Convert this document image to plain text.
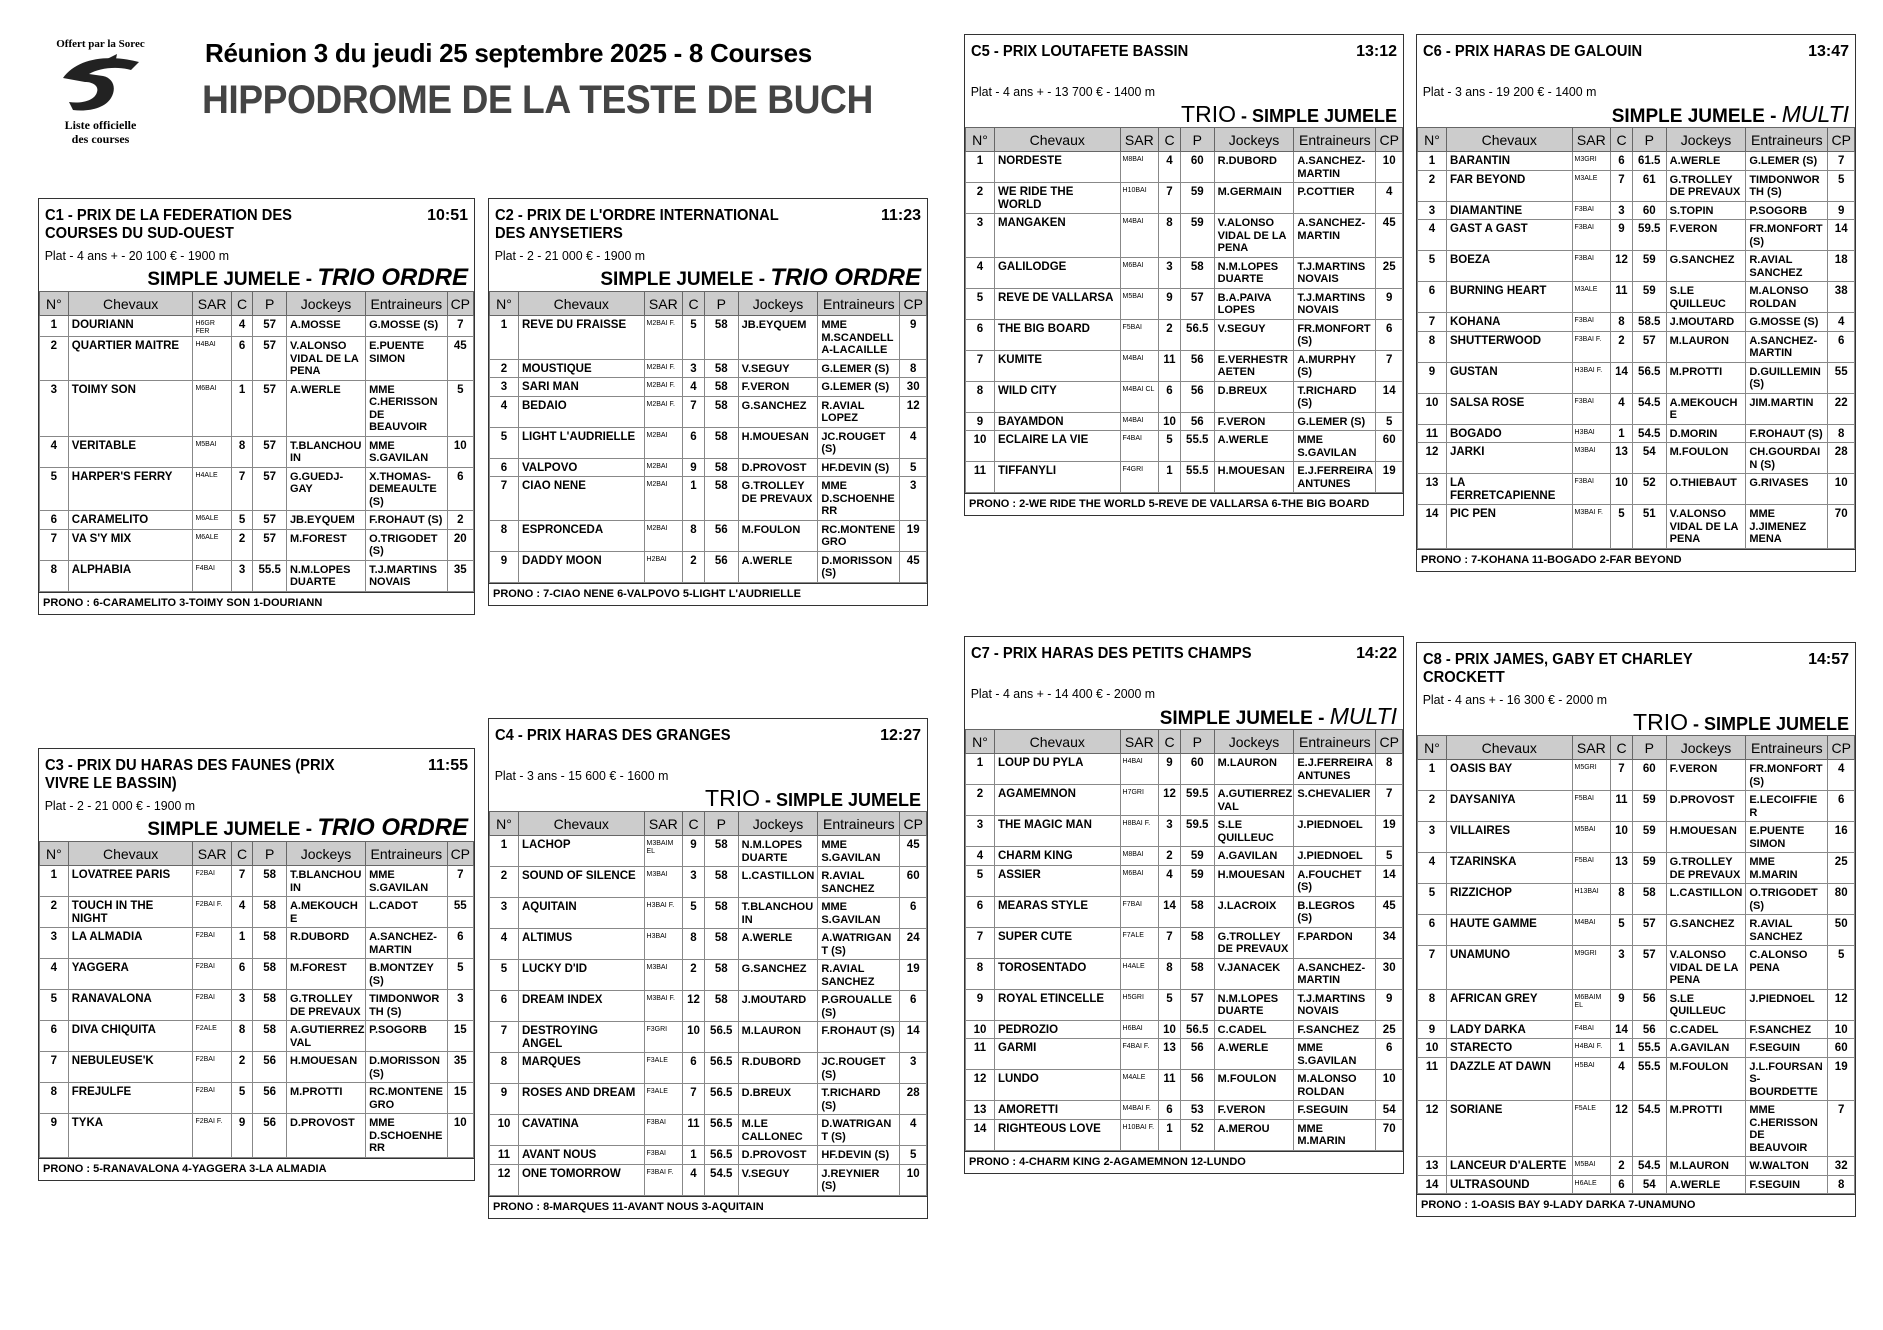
Offert par la Sorec
Liste officielle
des courses
Réunion 3 du jeudi 25 septembre 2025 - 8 Courses
HIPPODROME DE LA TESTE DE BUCH
C1 - PRIX DE LA FEDERATION DES COURSES DU SUD-OUEST
10:51
Plat - 4 ans + - 20 100 € - 1900 m
SIMPLE JUMELE - TRIO ORDRE
N°	Chevaux	SAR	C	P	Jockeys	Entraineurs	CP
1	DOURIANN	H6GR FER	4	57	A.MOSSE	G.MOSSE (S)	7
2	QUARTIER MAITRE	H4BAI	6	57	V.ALONSO VIDAL DE LA PENA	E.PUENTE SIMON	45
3	TOIMY SON	M6BAI	1	57	A.WERLE	MME C.HERISSON DE BEAUVOIR	5
4	VERITABLE	M5BAI	8	57	T.BLANCHOU IN	MME S.GAVILAN	10
5	HARPER'S FERRY	H4ALE	7	57	G.GUEDJ-GAY	X.THOMAS-DEMEAULTE (S)	6
6	CARAMELITO	M6ALE	5	57	JB.EYQUEM	F.ROHAUT (S)	2
7	VA S'Y MIX	M6ALE	2	57	M.FOREST	O.TRIGODET (S)	20
8	ALPHABIA	F4BAI	3	55.5	N.M.LOPES DUARTE	T.J.MARTINS NOVAIS	35
PRONO : 6-CARAMELITO 3-TOIMY SON 1-DOURIANN
C2 - PRIX DE L'ORDRE INTERNATIONAL DES ANYSETIERS
11:23
Plat - 2 - 21 000 € - 1900 m
SIMPLE JUMELE - TRIO ORDRE
N°	Chevaux	SAR	C	P	Jockeys	Entraineurs	CP
1	REVE DU FRAISSE	M2BAI F.	5	58	JB.EYQUEM	MME M.SCANDELL A-LACAILLE	9
2	MOUSTIQUE	M2BAI F.	3	58	V.SEGUY	G.LEMER (S)	8
3	SARI MAN	M2BAI F.	4	58	F.VERON	G.LEMER (S)	30
4	BEDAIO	M2BAI F.	7	58	G.SANCHEZ	R.AVIAL LOPEZ	12
5	LIGHT L'AUDRIELLE	M2BAI	6	58	H.MOUESAN	JC.ROUGET (S)	4
6	VALPOVO	M2BAI	9	58	D.PROVOST	HF.DEVIN (S)	5
7	CIAO NENE	M2BAI	1	58	G.TROLLEY DE PREVAUX	MME D.SCHOENHE RR	3
8	ESPRONCEDA	M2BAI	8	56	M.FOULON	RC.MONTENE GRO	19
9	DADDY MOON	H2BAI	2	56	A.WERLE	D.MORISSON (S)	45
PRONO : 7-CIAO NENE 6-VALPOVO 5-LIGHT L'AUDRIELLE
C3 - PRIX DU HARAS DES FAUNES (PRIX VIVRE LE BASSIN)
11:55
Plat - 2 - 21 000 € - 1900 m
SIMPLE JUMELE - TRIO ORDRE
N°	Chevaux	SAR	C	P	Jockeys	Entraineurs	CP
1	LOVATREE PARIS	F2BAI	7	58	T.BLANCHOU IN	MME S.GAVILAN	7
2	TOUCH IN THE NIGHT	F2BAI F.	4	58	A.MEKOUCH E	L.CADOT	55
3	LA ALMADIA	F2BAI	1	58	R.DUBORD	A.SANCHEZ-MARTIN	6
4	YAGGERA	F2BAI	6	58	M.FOREST	B.MONTZEY (S)	5
5	RANAVALONA	F2BAI	3	58	G.TROLLEY DE PREVAUX	TIMDONWOR TH (S)	3
6	DIVA CHIQUITA	F2ALE	8	58	A.GUTIERREZ VAL	P.SOGORB	15
7	NEBULEUSE'K	F2BAI	2	56	H.MOUESAN	D.MORISSON (S)	35
8	FREJULFE	F2BAI	5	56	M.PROTTI	RC.MONTENE GRO	15
9	TYKA	F2BAI F.	9	56	D.PROVOST	MME D.SCHOENHE RR	10
PRONO : 5-RANAVALONA 4-YAGGERA 3-LA ALMADIA
C4 - PRIX HARAS DES GRANGES	12:27
Plat - 3 ans - 15 600 € - 1600 m
TRIO - SIMPLE JUMELE
N°	Chevaux	SAR	C	P	Jockeys	Entraineurs	CP
1	LACHOP	M3BAIM EL	9	58	N.M.LOPES DUARTE	MME S.GAVILAN	45
2	SOUND OF SILENCE	M3BAI	3	58	L.CASTILLON	R.AVIAL SANCHEZ	60
3	AQUITAIN	H3BAI F.	5	58	T.BLANCHOU IN	MME S.GAVILAN	6
4	ALTIMUS	H3BAI	8	58	A.WERLE	A.WATRIGAN T (S)	24
5	LUCKY D'ID	M3BAI	2	58	G.SANCHEZ	R.AVIAL SANCHEZ	19
6	DREAM INDEX	M3BAI F.	12	58	J.MOUTARD	P.GROUALLE (S)	6
7	DESTROYING ANGEL	F3GRI	10	56.5	M.LAURON	F.ROHAUT (S)	14
8	MARQUES	F3ALE	6	56.5	R.DUBORD	JC.ROUGET (S)	3
9	ROSES AND DREAM	F3ALE	7	56.5	D.BREUX	T.RICHARD (S)	28
10	CAVATINA	F3BAI	11	56.5	M.LE CALLONEC	D.WATRIGAN T (S)	4
11	AVANT NOUS	F3BAI	1	56.5	D.PROVOST	HF.DEVIN (S)	5
12	ONE TOMORROW	F3BAI F.	4	54.5	V.SEGUY	J.REYNIER (S)	10
PRONO : 8-MARQUES 11-AVANT NOUS 3-AQUITAIN
C5 - PRIX LOUTAFETE BASSIN	13:12
Plat - 4 ans + - 13 700 € - 1400 m
TRIO - SIMPLE JUMELE
N°	Chevaux	SAR	C	P	Jockeys	Entraineurs	CP
1	NORDESTE	M8BAI	4	60	R.DUBORD	A.SANCHEZ-MARTIN	10
2	WE RIDE THE WORLD	H10BAI	7	59	M.GERMAIN	P.COTTIER	4
3	MANGAKEN	M4BAI	8	59	V.ALONSO VIDAL DE LA PENA	A.SANCHEZ-MARTIN	45
4	GALILODGE	M6BAI	3	58	N.M.LOPES DUARTE	T.J.MARTINS NOVAIS	25
5	REVE DE VALLARSA	M5BAI	9	57	B.A.PAIVA LOPES	T.J.MARTINS NOVAIS	9
6	THE BIG BOARD	F5BAI	2	56.5	V.SEGUY	FR.MONFORT (S)	6
7	KUMITE	M4BAI	11	56	E.VERHESTR AETEN	A.MURPHY (S)	7
8	WILD CITY	M4BAI CL	6	56	D.BREUX	T.RICHARD (S)	14
9	BAYAMDON	M4BAI	10	56	F.VERON	G.LEMER (S)	5
10	ECLAIRE LA VIE	F4BAI	5	55.5	A.WERLE	MME S.GAVILAN	60
11	TIFFANYLI	F4GRI	1	55.5	H.MOUESAN	E.J.FERREIRA ANTUNES	19
PRONO : 2-WE RIDE THE WORLD 5-REVE DE VALLARSA 6-THE BIG BOARD
C6 - PRIX HARAS DE GALOUIN	13:47
Plat - 3 ans - 19 200 € - 1400 m
SIMPLE JUMELE - MULTI
N°	Chevaux	SAR	C	P	Jockeys	Entraineurs	CP
1	BARANTIN	M3GRI	6	61.5	A.WERLE	G.LEMER (S)	7
2	FAR BEYOND	M3ALE	7	61	G.TROLLEY DE PREVAUX	TIMDONWOR TH (S)	5
3	DIAMANTINE	F3BAI	3	60	S.TOPIN	P.SOGORB	9
4	GAST A GAST	F3BAI	9	59.5	F.VERON	FR.MONFORT (S)	14
5	BOEZA	F3BAI	12	59	G.SANCHEZ	R.AVIAL SANCHEZ	18
6	BURNING HEART	M3ALE	11	59	S.LE QUILLEUC	M.ALONSO ROLDAN	38
7	KOHANA	F3BAI	8	58.5	J.MOUTARD	G.MOSSE (S)	4
8	SHUTTERWOOD	F3BAI F.	2	57	M.LAURON	A.SANCHEZ-MARTIN	6
9	GUSTAN	H3BAI F.	14	56.5	M.PROTTI	D.GUILLEMIN (S)	55
10	SALSA ROSE	F3BAI	4	54.5	A.MEKOUCH E	JIM.MARTIN	22
11	BOGADO	H3BAI	1	54.5	D.MORIN	F.ROHAUT (S)	8
12	JARKI	M3BAI	13	54	M.FOULON	CH.GOURDAI N (S)	28
13	LA FERRETCAPIENNE	F3BAI	10	52	O.THIEBAUT	G.RIVASES	10
14	PIC PEN	M3BAI F.	5	51	V.ALONSO VIDAL DE LA PENA	MME J.JIMENEZ MENA	70
PRONO : 7-KOHANA 11-BOGADO 2-FAR BEYOND
C7 - PRIX HARAS DES PETITS CHAMPS	14:22
Plat - 4 ans + - 14 400 € - 2000 m
SIMPLE JUMELE - MULTI
N°	Chevaux	SAR	C	P	Jockeys	Entraineurs	CP
1	LOUP DU PYLA	H4BAI	9	60	M.LAURON	E.J.FERREIRA ANTUNES	8
2	AGAMEMNON	H7GRI	12	59.5	A.GUTIERREZ VAL	S.CHEVALIER	7
3	THE MAGIC MAN	H8BAI F.	3	59.5	S.LE QUILLEUC	J.PIEDNOEL	19
4	CHARM KING	M8BAI	2	59	A.GAVILAN	J.PIEDNOEL	5
5	ASSIER	M6BAI	4	59	H.MOUESAN	A.FOUCHET (S)	14
6	MEARAS STYLE	F7BAI	14	58	J.LACROIX	B.LEGROS (S)	45
7	SUPER CUTE	F7ALE	7	58	G.TROLLEY DE PREVAUX	F.PARDON	34
8	TOROSENTADO	H4ALE	8	58	V.JANACEK	A.SANCHEZ-MARTIN	30
9	ROYAL ETINCELLE	H5GRI	5	57	N.M.LOPES DUARTE	T.J.MARTINS NOVAIS	9
10	PEDROZIO	H6BAI	10	56.5	C.CADEL	F.SANCHEZ	25
11	GARMI	F4BAI F.	13	56	A.WERLE	MME S.GAVILAN	6
12	LUNDO	M4ALE	11	56	M.FOULON	M.ALONSO ROLDAN	10
13	AMORETTI	M4BAI F.	6	53	F.VERON	F.SEGUIN	54
14	RIGHTEOUS LOVE	H10BAI F.	1	52	A.MEROU	MME M.MARIN	70
PRONO : 4-CHARM KING 2-AGAMEMNON 12-LUNDO
C8 - PRIX JAMES, GABY ET CHARLEY CROCKETT
14:57
Plat - 4 ans + - 16 300 € - 2000 m
TRIO - SIMPLE JUMELE
N°	Chevaux	SAR	C	P	Jockeys	Entraineurs	CP
1	OASIS BAY	M5GRI	7	60	F.VERON	FR.MONFORT (S)	4
2	DAYSANIYA	F5BAI	11	59	D.PROVOST	E.LECOIFFIE R	6
3	VILLAIRES	M5BAI	10	59	H.MOUESAN	E.PUENTE SIMON	16
4	TZARINSKA	F5BAI	13	59	G.TROLLEY DE PREVAUX	MME M.MARIN	25
5	RIZZICHOP	H13BAI	8	58	L.CASTILLON	O.TRIGODET (S)	80
6	HAUTE GAMME	M4BAI	5	57	G.SANCHEZ	R.AVIAL SANCHEZ	50
7	UNAMUNO	M9GRI	3	57	V.ALONSO VIDAL DE LA PENA	C.ALONSO PENA	5
8	AFRICAN GREY	M6BAIM EL	9	56	S.LE QUILLEUC	J.PIEDNOEL	12
9	LADY DARKA	F4BAI	14	56	C.CADEL	F.SANCHEZ	10
10	STARECTO	H4BAI F.	1	55.5	A.GAVILAN	F.SEGUIN	60
11	DAZZLE AT DAWN	H5BAI	4	55.5	M.FOULON	J.L.FOURSAN S-BOURDETTE	19
12	SORIANE	F5ALE	12	54.5	M.PROTTI	MME C.HERISSON DE BEAUVOIR	7
13	LANCEUR D'ALERTE	M5BAI	2	54.5	M.LAURON	W.WALTON	32
14	ULTRASOUND	H6ALE	6	54	A.WERLE	F.SEGUIN	8
PRONO : 1-OASIS BAY 9-LADY DARKA 7-UNAMUNO
